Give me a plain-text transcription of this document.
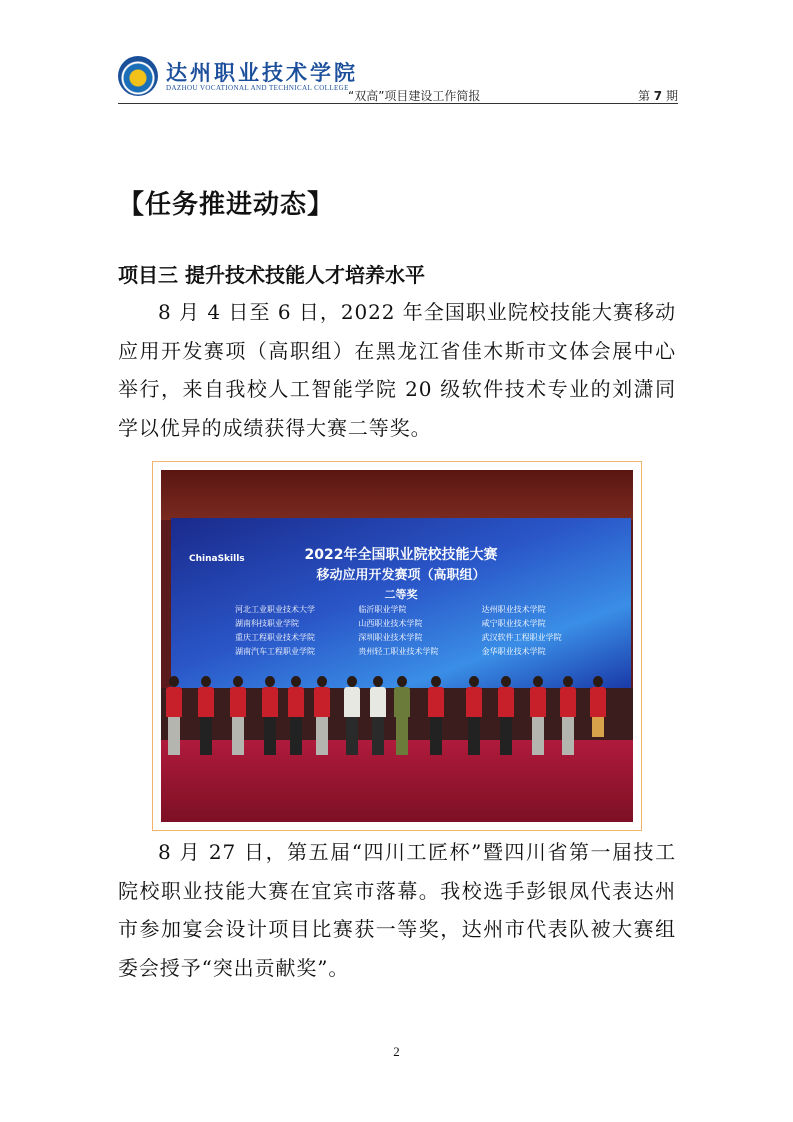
达州职业技术学院
DAZHOU VOCATIONAL AND TECHNICAL COLLEGE
“双高”项目建设工作简报	第 7 期
【任务推进动态】
项目三 提升技术技能人才培养水平

8 月 4 日至 6 日，2022 年全国职业院校技能大赛移动应用开发赛项（高职组）在黑龙江省佳木斯市文体会展中心举行，来自我校人工智能学院 20 级软件技术专业的刘潇同学以优异的成绩获得大赛二等奖。

ChinaSkills	2022年全国职业院校技能大赛
移动应用开发赛项（高职组）
二等奖
河北工业职业技术大学	临沂职业学院	达州职业技术学院
湖南科技职业学院	山西职业技术学院	咸宁职业技术学院
重庆工程职业技术学院	深圳职业技术学院	武汉软件工程职业学院
湖南汽车工程职业学院	贵州轻工职业技术学院	金华职业技术学院

8 月 27 日，第五届“四川工匠杯”暨四川省第一届技工院校职业技能大赛在宜宾市落幕。我校选手彭银凤代表达州市参加宴会设计项目比赛获一等奖，达州市代表队被大赛组委会授予“突出贡献奖”。

2
